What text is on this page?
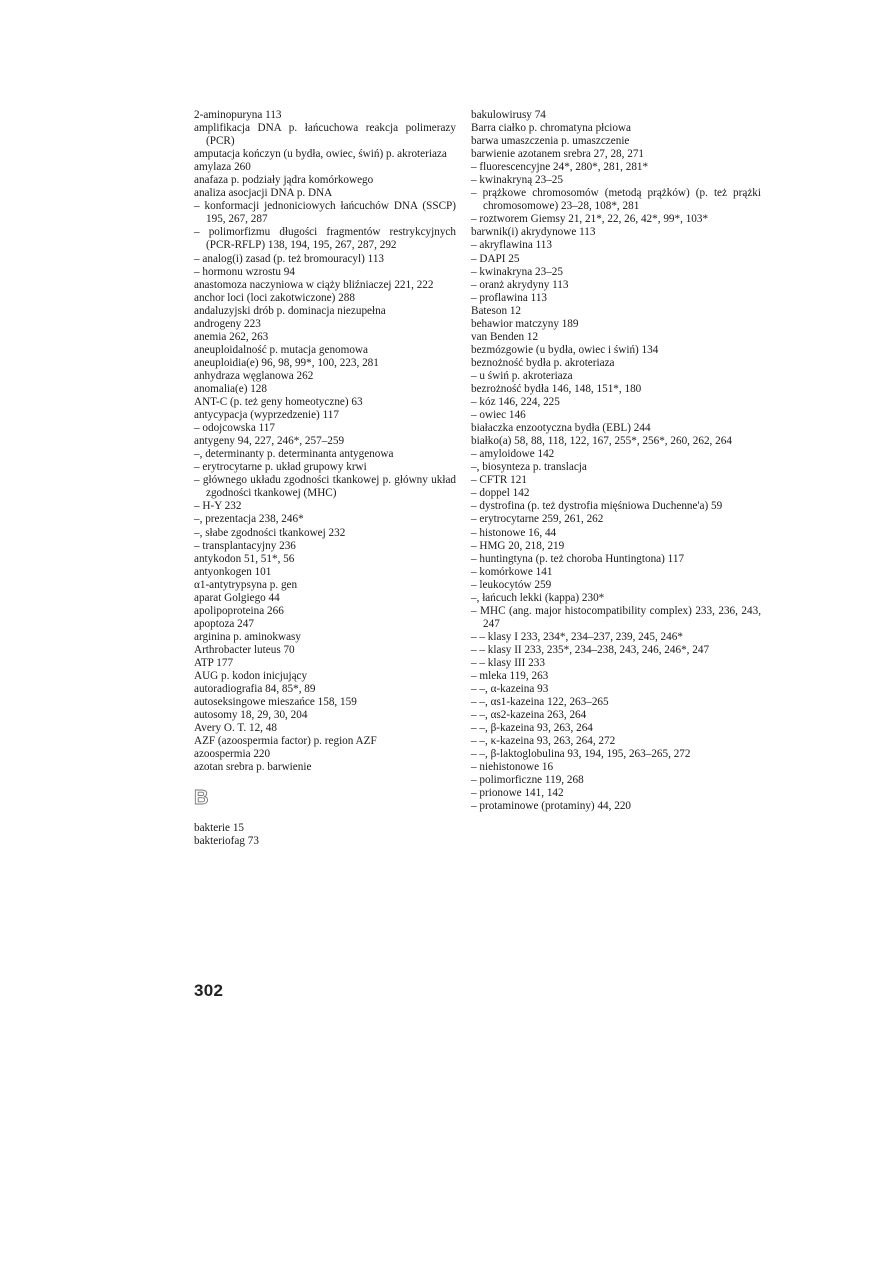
2-aminopuryna 113
amplifikacja DNA p. łańcuchowa reakcja polimerazy (PCR)
amputacja kończyn (u bydła, owiec, świń) p. akroteriaza
amylaza 260
anafaza p. podziały jądra komórkowego
analiza asocjacji DNA p. DNA
– konformacji jednoniciowych łańcuchów DNA (SSCP) 195, 267, 287
– polimorfizmu długości fragmentów restrykcyjnych (PCR-RFLP) 138, 194, 195, 267, 287, 292
– analog(i) zasad (p. też bromouracyl) 113
– hormonu wzrostu 94
anastomoza naczyniowa w ciąży bliźniaczej 221, 222
anchor loci (loci zakotwiczone) 288
andaluzyjski drób p. dominacja niezupełna
androgeny 223
anemia 262, 263
aneuploidalność p. mutacja genomowa
aneuploidia(e) 96, 98, 99*, 100, 223, 281
anhydraza węglanowa 262
anomalia(e) 128
ANT-C (p. też geny homeotyczne) 63
antycypacja (wyprzedzenie) 117
– odojcowska 117
antygeny 94, 227, 246*, 257–259
–, determinanty p. determinanta antygenowa
– erytrocytarne p. układ grupowy krwi
– głównego układu zgodności tkankowej p. główny układ zgodności tkankowej (MHC)
– H-Y 232
–, prezentacja 238, 246*
–, słabe zgodności tkankowej 232
– transplantacyjny 236
antykodon 51, 51*, 56
antyonkogen 101
α1-antytrypsyna p. gen
aparat Golgiego 44
apolipoproteina 266
apoptoza 247
arginina p. aminokwasy
Arthrobacter luteus 70
ATP 177
AUG p. kodon inicjujący
autoradiografia 84, 85*, 89
autoseksingowe mieszańce 158, 159
autosomy 18, 29, 30, 204
Avery O. T. 12, 48
AZF (azoospermia factor) p. region AZF
azoospermia 220
azotan srebra p. barwienie
B
bakterie 15
bakteriofag 73
bakulowirusy 74
Barra ciałko p. chromatyna płciowa
barwa umaszczenia p. umaszczenie
barwienie azotanem srebra 27, 28, 271
– fluorescencyjne 24*, 280*, 281, 281*
– kwinakryną 23–25
– prążkowe chromosomów (metodą prążków) (p. też prążki chromosomowe) 23–28, 108*, 281
– roztworem Giemsy 21, 21*, 22, 26, 42*, 99*, 103*
barwnik(i) akrydynowe 113
– akryflawina 113
– DAPI 25
– kwinakryna 23–25
– oranż akrydyny 113
– proflawina 113
Bateson 12
behawior matczyny 189
van Benden 12
bezmózgowie (u bydła, owiec i świń) 134
beznożność bydła p. akroteriaza
– u świń p. akroteriaza
bezrożność bydła 146, 148, 151*, 180
– kóz 146, 224, 225
– owiec 146
białaczka enzootyczna bydła (EBL) 244
białko(a) 58, 88, 118, 122, 167, 255*, 256*, 260, 262, 264
– amyloidowe 142
–, biosynteza p. translacja
– CFTR 121
– doppel 142
– dystrofina (p. też dystrofia mięśniowa Duchenne'a) 59
– erytrocytarne 259, 261, 262
– histonowe 16, 44
– HMG 20, 218, 219
– huntingtyna (p. też choroba Huntingtona) 117
– komórkowe 141
– leukocytów 259
–, łańcuch lekki (kappa) 230*
– MHC (ang. major histocompatibility complex) 233, 236, 243, 247
– – klasy I 233, 234*, 234–237, 239, 245, 246*
– – klasy II 233, 235*, 234–238, 243, 246, 246*, 247
– – klasy III 233
– mleka 119, 263
– –, α-kazeina 93
– –, αs1-kazeina 122, 263–265
– –, αs2-kazeina 263, 264
– –, β-kazeina 93, 263, 264
– –, κ-kazeina 93, 263, 264, 272
– –, β-laktoglobulina 93, 194, 195, 263–265, 272
– niehistonowe 16
– polimorficzne 119, 268
– prionowe 141, 142
– protaminowe (protaminy) 44, 220
302
